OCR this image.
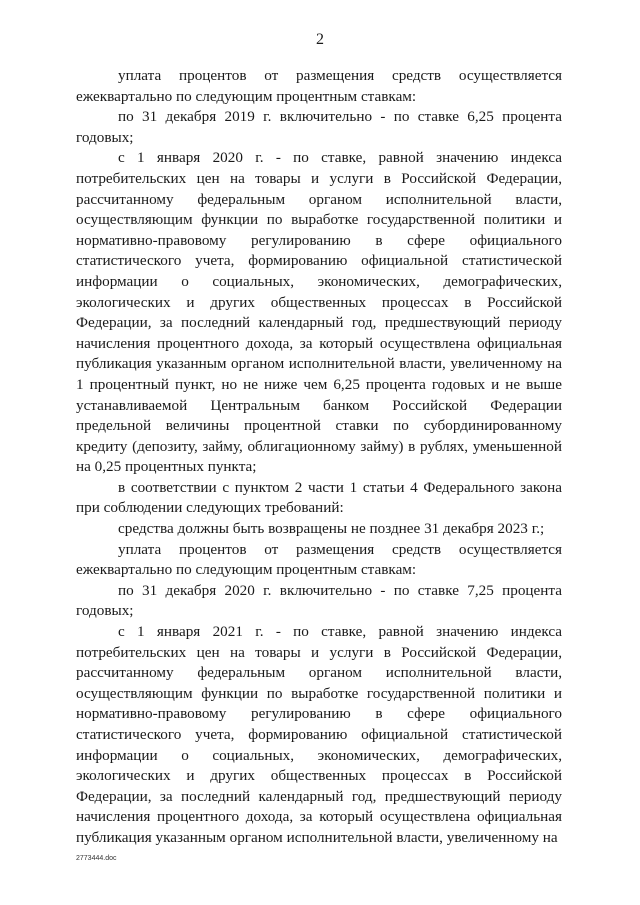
2

уплата процентов от размещения средств осуществляется ежеквартально по следующим процентным ставкам:

по 31 декабря 2019 г. включительно - по ставке 6,25 процента годовых;

с 1 января 2020 г. - по ставке, равной значению индекса потребительских цен на товары и услуги в Российской Федерации, рассчитанному федеральным органом исполнительной власти, осуществляющим функции по выработке государственной политики и нормативно-правовому регулированию в сфере официального статистического учета, формированию официальной статистической информации о социальных, экономических, демографических, экологических и других общественных процессах в Российской Федерации, за последний календарный год, предшествующий периоду начисления процентного дохода, за который осуществлена официальная публикация указанным органом исполнительной власти, увеличенному на 1 процентный пункт, но не ниже чем 6,25 процента годовых и не выше устанавливаемой Центральным банком Российской Федерации предельной величины процентной ставки по субординированному кредиту (депозиту, займу, облигационному займу) в рублях, уменьшенной на 0,25 процентных пункта;

в соответствии с пунктом 2 части 1 статьи 4 Федерального закона при соблюдении следующих требований:

средства должны быть возвращены не позднее 31 декабря 2023 г.;

уплата процентов от размещения средств осуществляется ежеквартально по следующим процентным ставкам:

по 31 декабря 2020 г. включительно - по ставке 7,25 процента годовых;

с 1 января 2021 г. - по ставке, равной значению индекса потребительских цен на товары и услуги в Российской Федерации, рассчитанному федеральным органом исполнительной власти, осуществляющим функции по выработке государственной политики и нормативно-правовому регулированию в сфере официального статистического учета, формированию официальной статистической информации о социальных, экономических, демографических, экологических и других общественных процессах в Российской Федерации, за последний календарный год, предшествующий периоду начисления процентного дохода, за который осуществлена официальная публикация указанным органом исполнительной власти, увеличенному на

2773444.doc
